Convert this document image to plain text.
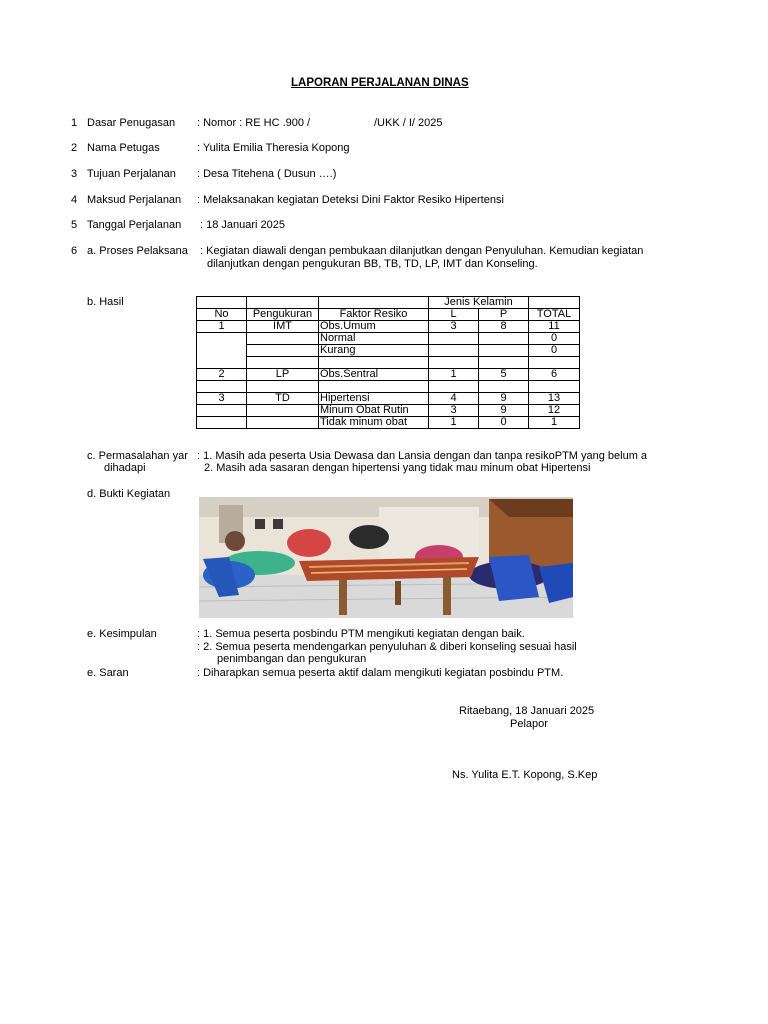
LAPORAN PERJALANAN DINAS
1 Dasar Penugasan : Nomor : RE HC .900 /	/UKK / I/ 2025
2 Nama Petugas	: Yulita Emilia Theresia Kopong
3 Tujuan Perjalanan : Desa Titehena ( Dusun ….)
4 Maksud Perjalanan : Melaksanakan kegiatan Deteksi Dini Faktor Resiko Hipertensi
5 Tanggal Perjalanan : 18 Januari 2025
6 a. Proses Pelaksana : Kegiatan diawali dengan pembukaan dilanjutkan dengan Penyuluhan. Kemudian kegiatan
dilanjutkan dengan pengukuran BB, TB, TD, LP, IMT dan Konseling.
b. Hasil
				Jenis Kelamin		
No	Pengukuran	Faktor Resiko	L	P	TOTAL
1	IMT	Obs.Umum	3	8	11
		Normal			0
		Kurang			0

2	LP	Obs.Sentral	1	5	6

3	TD	Hipertensi	4	9	13
		Minum Obat Rutin	3	9	12
		Tidak minum obat	1	0	1
c. Permasalahan yar
dihadapi
: 1. Masih ada peserta Usia Dewasa dan Lansia dengan dan tanpa resikoPTM yang belum a
2. Masih ada sasaran dengan hipertensi yang tidak mau minum obat Hipertensi
d. Bukti Kegiatan
e. Kesimpulan	: 1. Semua peserta posbindu PTM mengikuti kegiatan dengan baik.
: 2. Semua peserta mendengarkan penyuluhan & diberi konseling sesuai hasil
penimbangan dan pengukuran
e. Saran	: Diharapkan semua peserta aktif dalam mengikuti kegiatan posbindu PTM.
Ritaebang, 18 Januari 2025
Pelapor
Ns. Yulita E.T. Kopong, S.Kep
